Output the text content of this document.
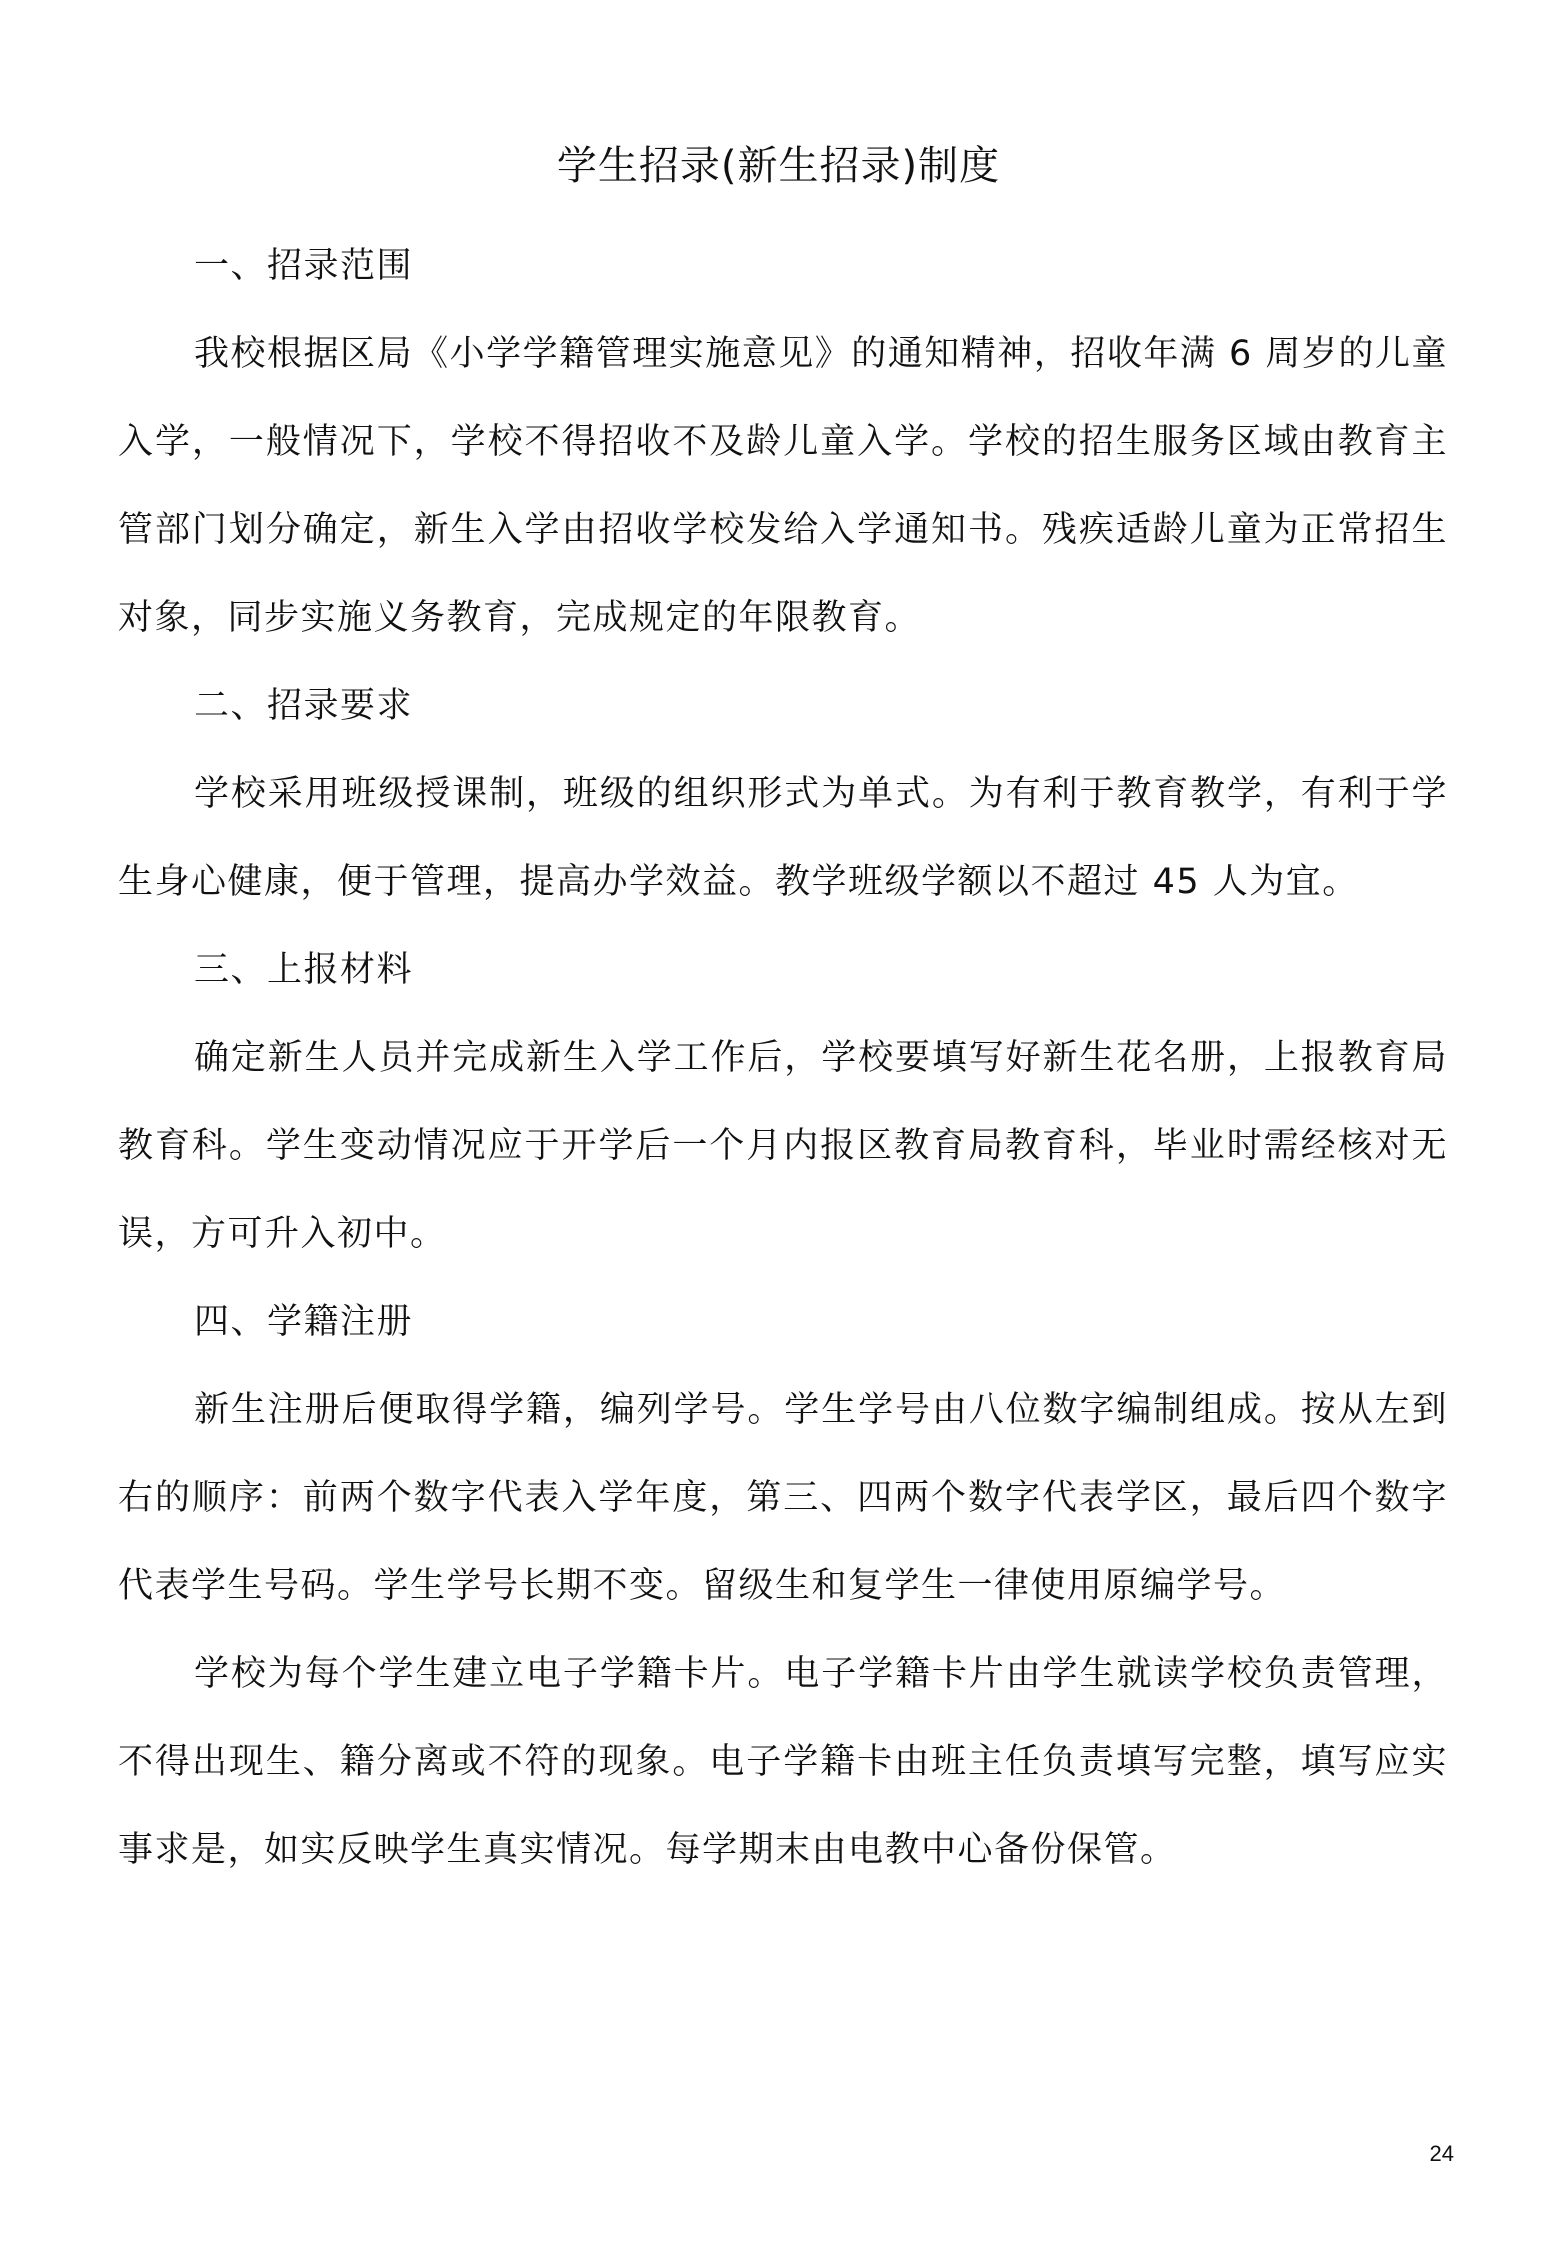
学生招录(新生招录)制度

一、招录范围

我校根据区局《小学学籍管理实施意见》的通知精神，招收年满 6 周岁的儿童入学，一般情况下，学校不得招收不及龄儿童入学。学校的招生服务区域由教育主管部门划分确定，新生入学由招收学校发给入学通知书。残疾适龄儿童为正常招生对象，同步实施义务教育，完成规定的年限教育。

二、招录要求

学校采用班级授课制，班级的组织形式为单式。为有利于教育教学，有利于学生身心健康，便于管理，提高办学效益。教学班级学额以不超过 45 人为宜。

三、上报材料

确定新生人员并完成新生入学工作后，学校要填写好新生花名册，上报教育局教育科。学生变动情况应于开学后一个月内报区教育局教育科，毕业时需经核对无误，方可升入初中。

四、学籍注册

新生注册后便取得学籍，编列学号。学生学号由八位数字编制组成。按从左到右的顺序：前两个数字代表入学年度，第三、四两个数字代表学区，最后四个数字代表学生号码。学生学号长期不变。留级生和复学生一律使用原编学号。

学校为每个学生建立电子学籍卡片。电子学籍卡片由学生就读学校负责管理，不得出现生、籍分离或不符的现象。电子学籍卡由班主任负责填写完整，填写应实事求是，如实反映学生真实情况。每学期末由电教中心备份保管。

24
